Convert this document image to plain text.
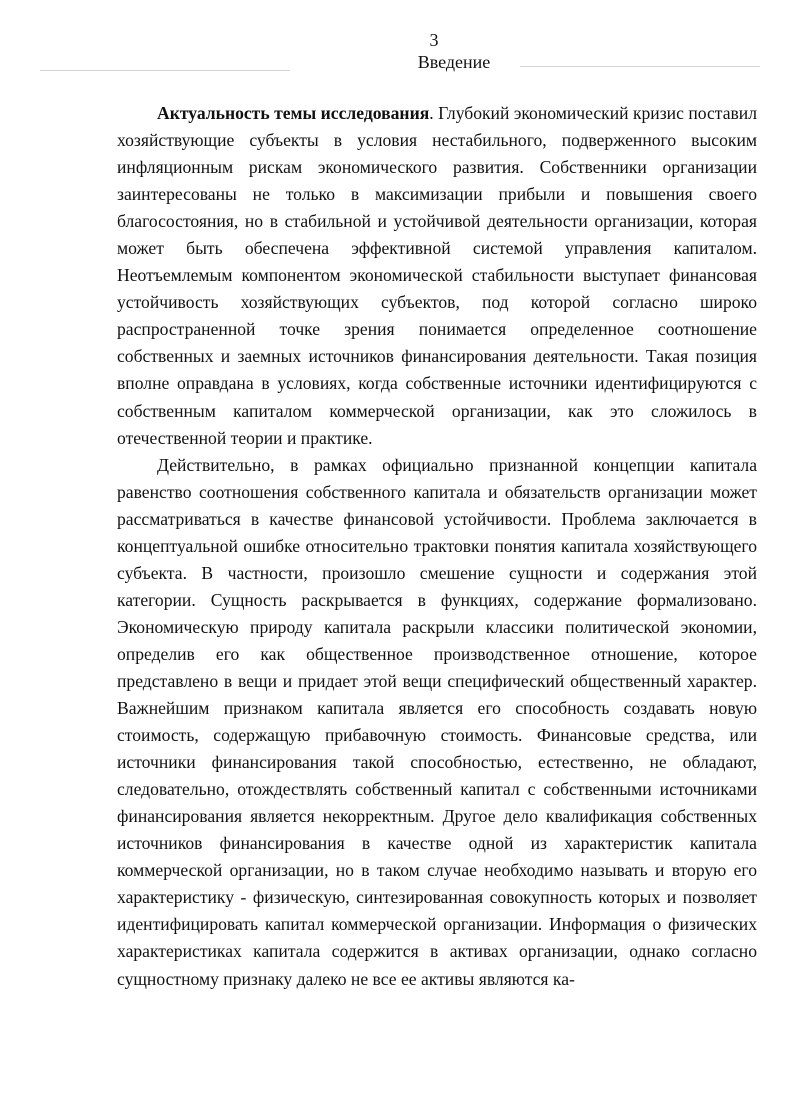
3
Введение

Актуальность темы исследования. Глубокий экономический кризис поставил хозяйствующие субъекты в условия нестабильного, подверженного высоким инфляционным рискам экономического развития. Собственники организации заинтересованы не только в максимизации прибыли и повышения своего благосостояния, но в стабильной и устойчивой деятельности организации, которая может быть обеспечена эффективной системой управления капиталом. Неотъемлемым компонентом экономической стабильности выступает финансовая устойчивость хозяйствующих субъектов, под которой согласно широко распространенной точке зрения понимается определенное соотношение собственных и заемных источников финансирования деятельности. Такая позиция вполне оправдана в условиях, когда собственные источники идентифицируются с собственным капиталом коммерческой организации, как это сложилось в отечественной теории и практике.

Действительно, в рамках официально признанной концепции капитала равенство соотношения собственного капитала и обязательств организации может рассматриваться в качестве финансовой устойчивости. Проблема заключается в концептуальной ошибке относительно трактовки понятия капитала хозяйствующего субъекта. В частности, произошло смешение сущности и содержания этой категории. Сущность раскрывается в функциях, содержание формализовано. Экономическую природу капитала раскрыли классики политической экономии, определив его как общественное производственное отношение, которое представлено в вещи и придает этой вещи специфический общественный характер. Важнейшим признаком капитала является его способность создавать новую стоимость, содержащую прибавочную стоимость. Финансовые средства, или источники финансирования такой способностью, естественно, не обладают, следовательно, отождествлять собственный капитал с собственными источниками финансирования является некорректным. Другое дело квалификация собственных источников финансирования в качестве одной из характеристик капитала коммерческой организации, но в таком случае необходимо называть и вторую его характеристику - физическую, синтезированная совокупность которых и позволяет идентифицировать капитал коммерческой организации. Информация о физических характеристиках капитала содержится в активах организации, однако согласно сущностному признаку далеко не все ее активы являются ка-
